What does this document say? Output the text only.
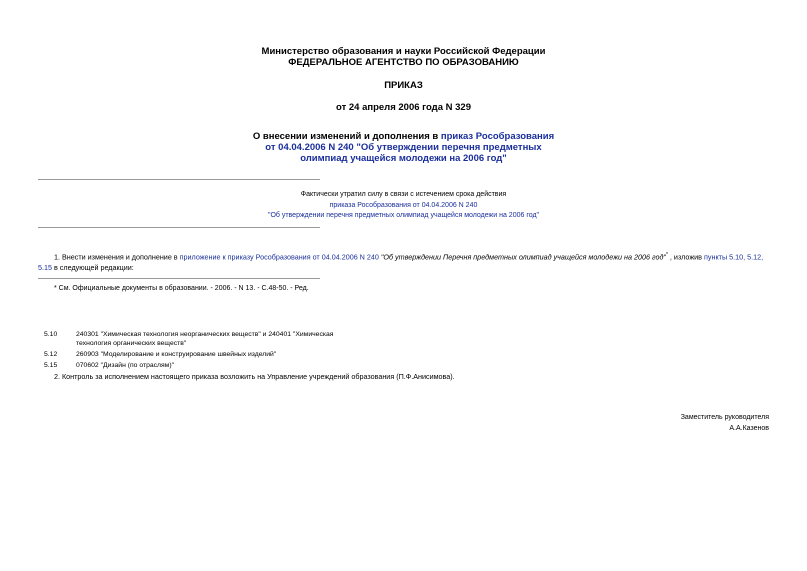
Министерство образования и науки Российской Федерации
ФЕДЕРАЛЬНОЕ АГЕНТСТВО ПО ОБРАЗОВАНИЮ
ПРИКАЗ
от 24 апреля 2006 года N 329
О внесении изменений и дополнения в приказ Рособразования
от 04.04.2006 N 240 "Об утверждении перечня предметных
олимпиад учащейся молодежи на 2006 год"
Фактически утратил силу в связи с истечением срока действия
приказа Рособразования от 04.04.2006 N 240
"Об утверждении перечня предметных олимпиад учащейся молодежи на 2006 год"
1. Внести изменения и дополнение в приложение к приказу Рособразования от 04.04.2006 N 240 "Об утверждении Перечня предметных олимпиад учащейся молодежи на 2006 год"* , изложив пункты 5.10, 5.12,
5.15 в следующей редакции:
* См. Официальные документы в образовании. - 2006. - N 13. - С.48-50. - Ред.
5.10	240301 "Химическая технология неорганических веществ" и 240401 "Химическая
технология органических веществ"
5.12	260903 "Моделирование и конструирование швейных изделий"
5.15	070602 "Дизайн (по отраслям)"
2. Контроль за исполнением настоящего приказа возложить на Управление учреждений образования (П.Ф.Анисимова).
Заместитель руководителя
А.А.Казенов
